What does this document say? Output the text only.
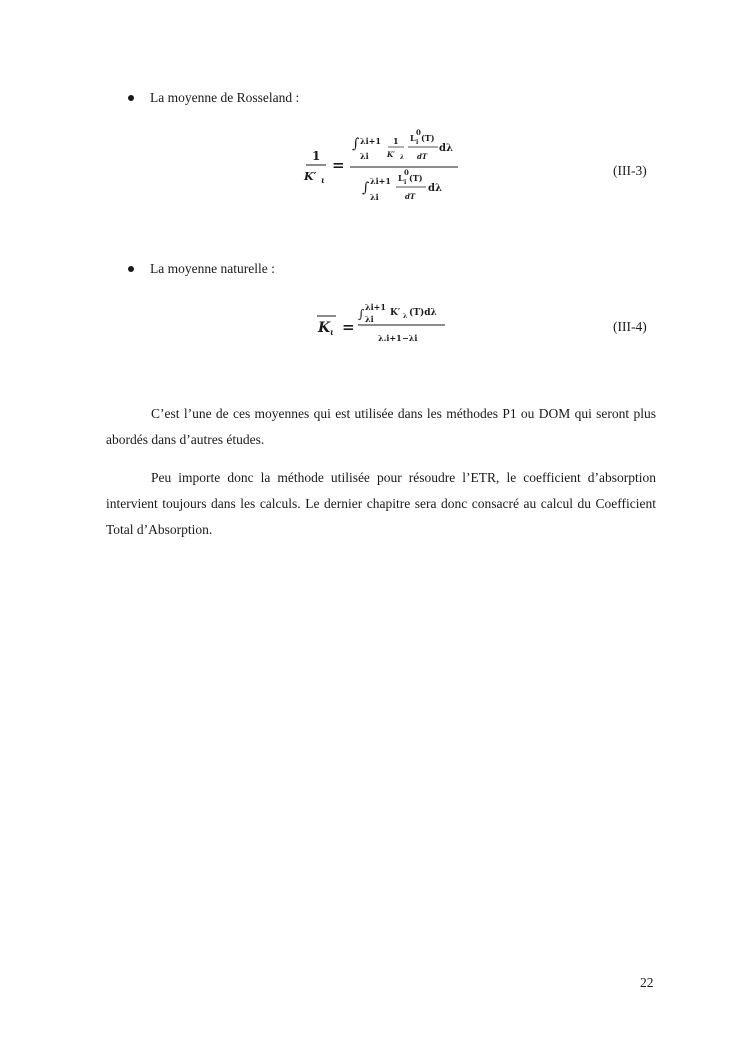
La moyenne de Rosseland :
1
K′ ι
=
∫ λi+1
λi
1
K′ λ
L
0
i (T)
dT
dλ
∫ λi+1
λi
L
0
i (T)
dT
dλ
(III-3)
La moyenne naturelle :
K ι =
∫ λi+1
λi
K′ λ (T)dλ
λ.i+1 −λi
(III-4)
C’est l’une de ces moyennes qui est utilisée dans les méthodes P1 ou DOM qui seront plus abordés dans d’autres études.
Peu importe donc la méthode utilisée pour résoudre l’ETR, le coefficient d’absorption intervient toujours dans les calculs. Le dernier chapitre sera donc consacré au calcul du Coefficient Total d’Absorption.
22
